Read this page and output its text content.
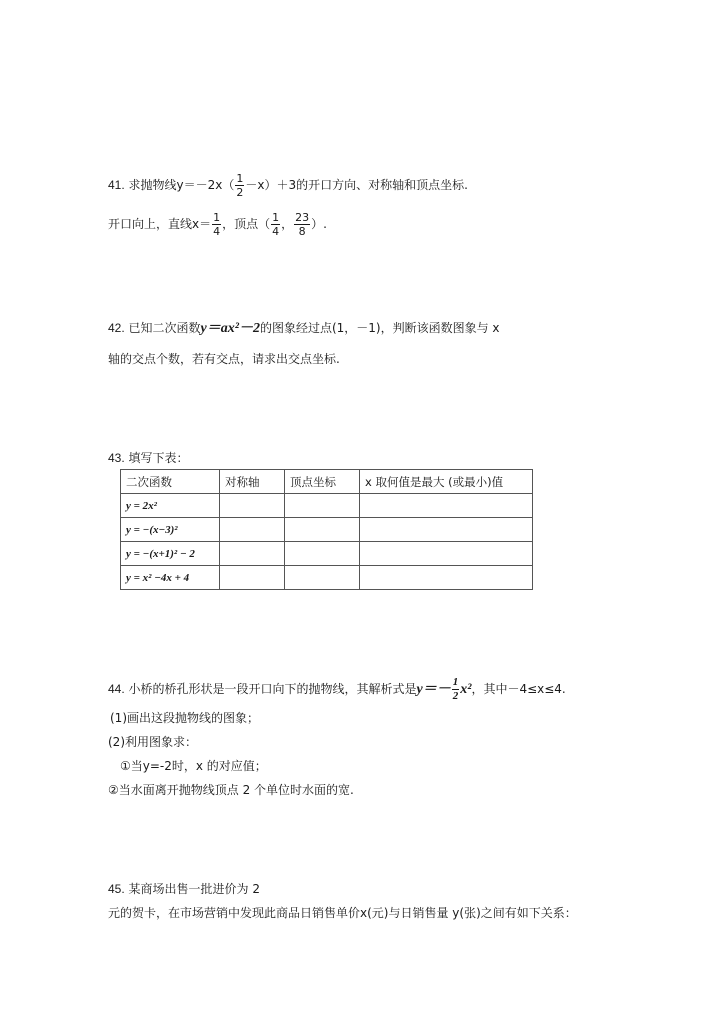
41. 求抛物线$y=-2x( \frac{1}{2} -x)+3$的开口方向、对称轴和顶点坐标.
开口向上，直线$x= \frac{1}{4}$ ，顶点（ $\frac{1}{4}$ ， $\frac{23}{8}$ ）.
42. 已知二次函数y＝ax²－2的图象经过点(1，－1)，判断该函数图象与 x
轴的交点个数，若有交点，请求出交点坐标.
43. 填写下表：
二次函数	对称轴	顶点坐标	x 取何值是最大 (或最小)值
y = 2x²			
y = −(x−3)²			
y = −(x+1)² − 2			
y = x² −4x + 4			
44. 小桥的桥孔形状是一段开口向下的抛物线，其解析式是$y=- \frac{1}{2} x^2$，其中－4≤x≤4.
(1)画出这段抛物线的图象；
(2)利用图象求：
①当y=-2时，x 的对应值；
②当水面离开抛物线顶点 2 个单位时水面的宽.
45. 某商场出售一批进价为 2
元的贺卡，在市场营销中发现此商品日销售单价x(元)与日销售量 y(张)之间有如下关系：
